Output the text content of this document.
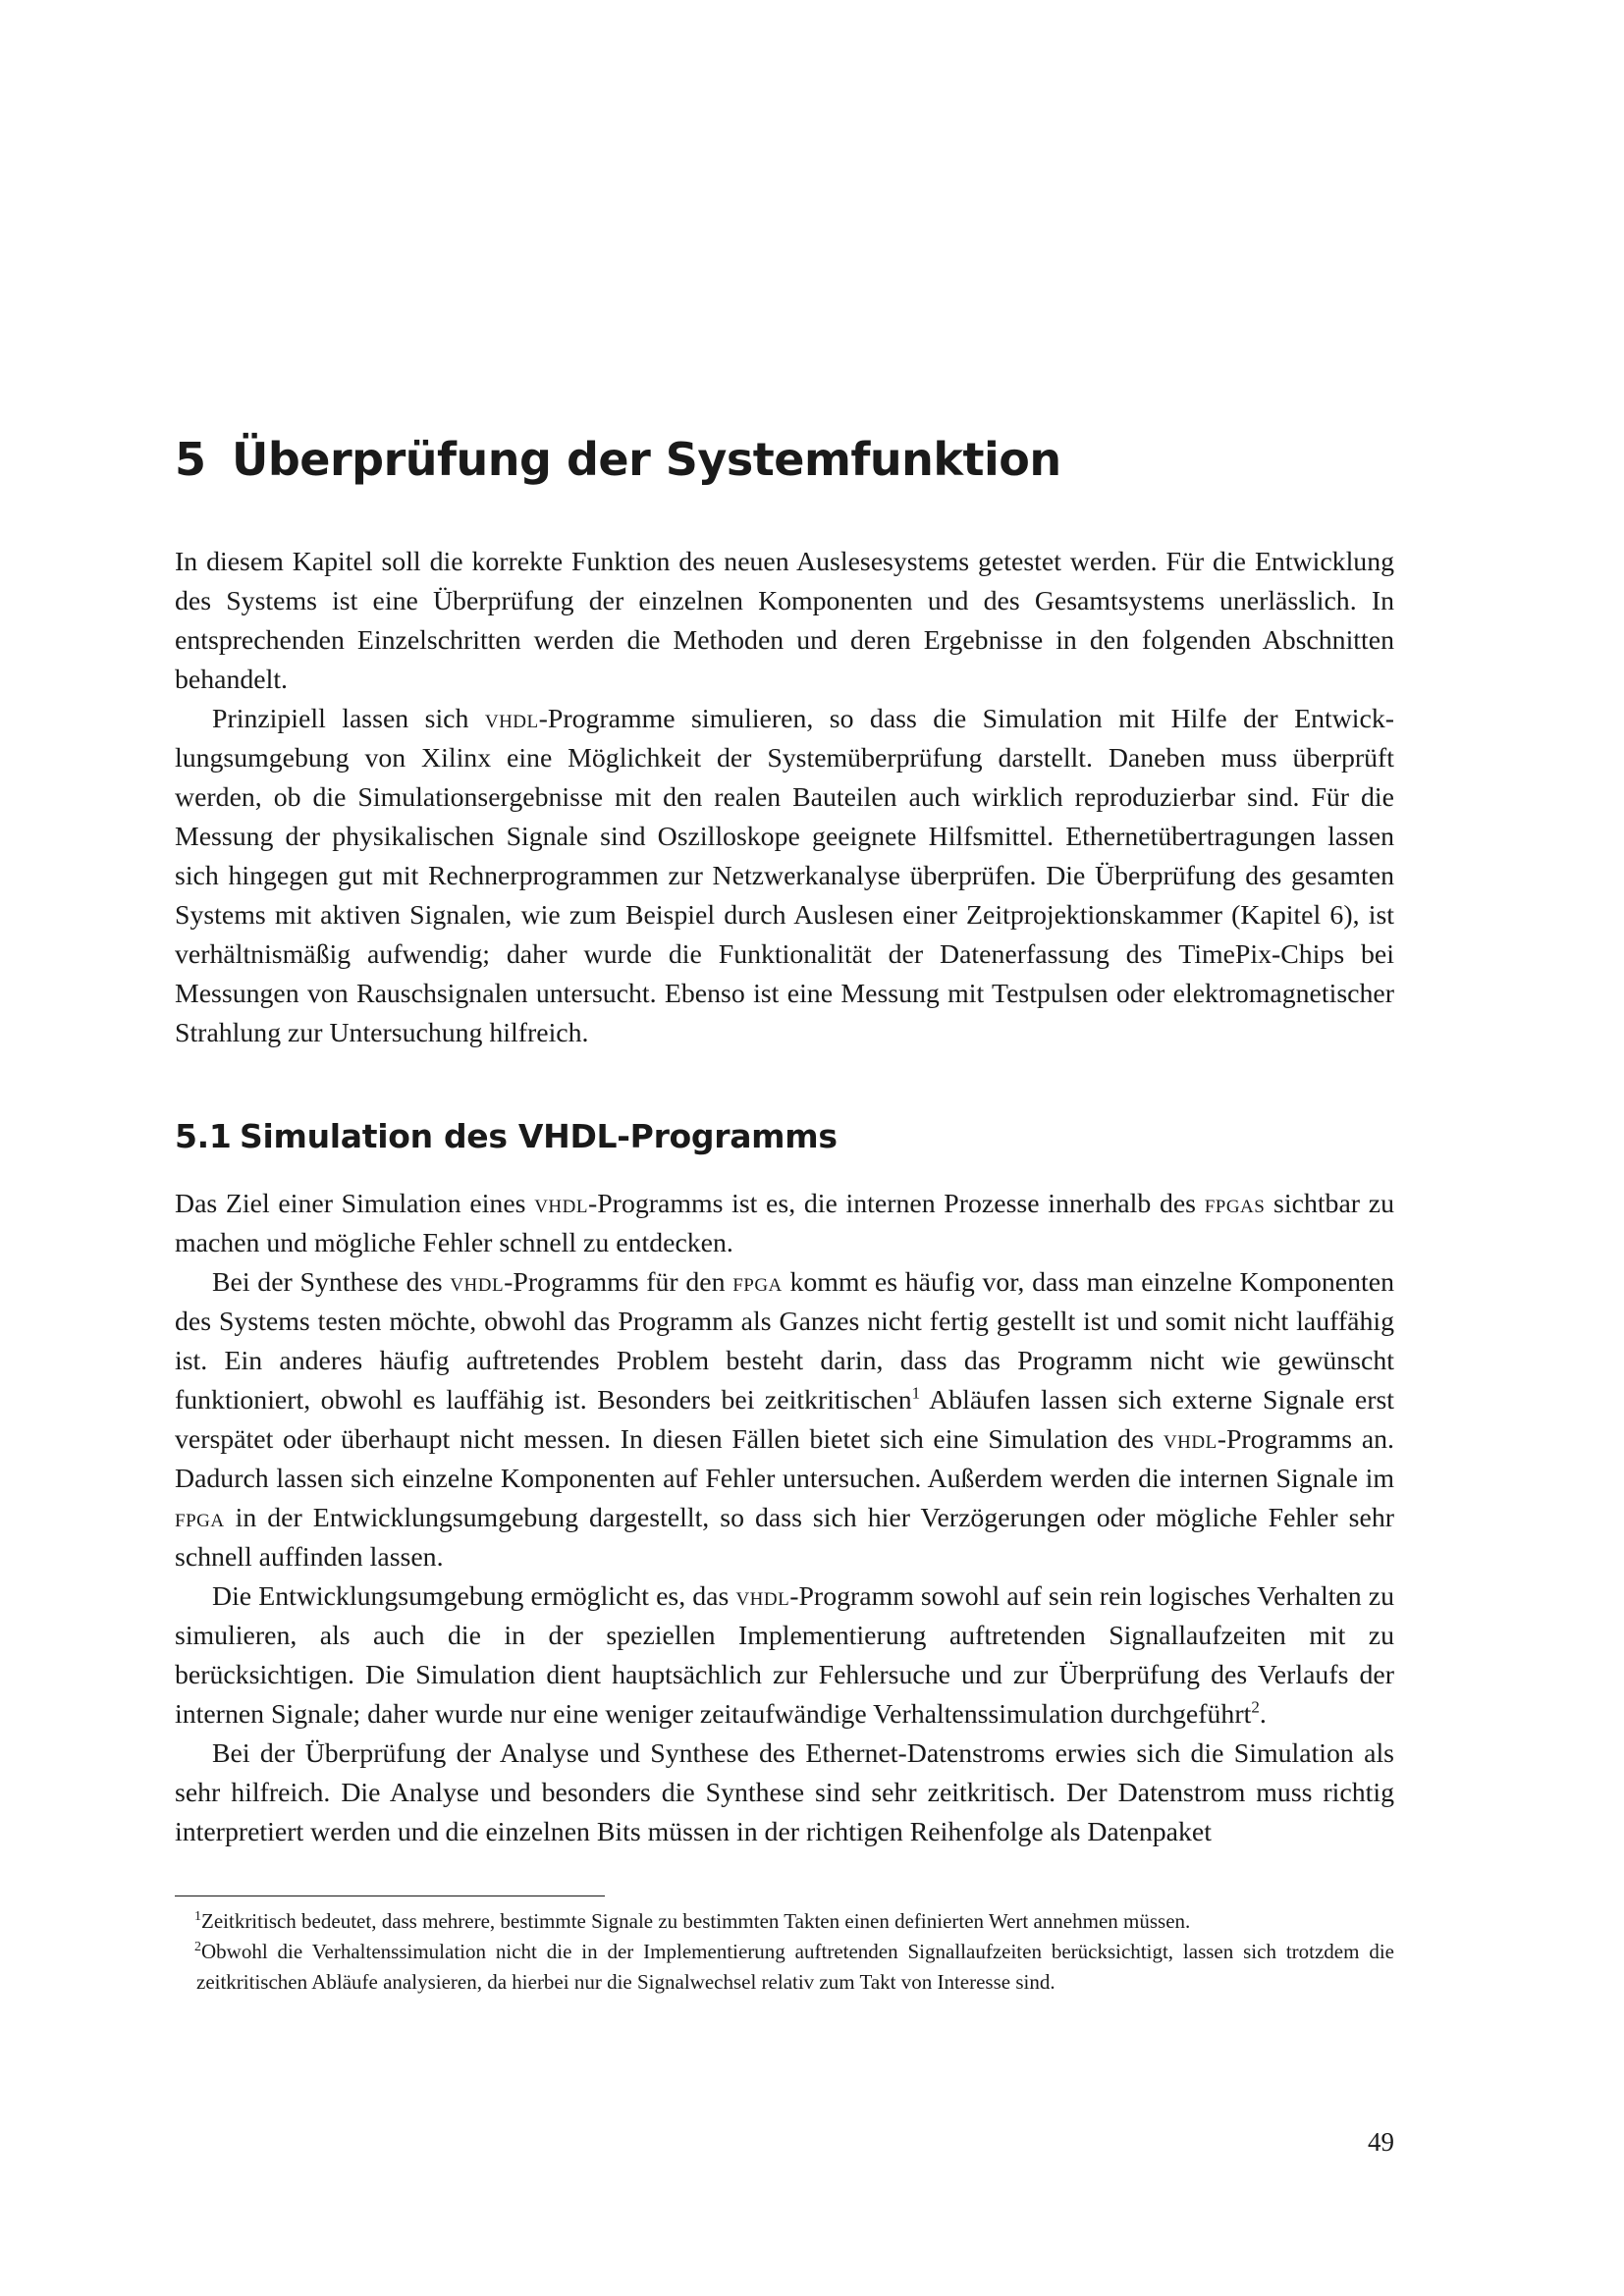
5 Überprüfung der Systemfunktion

In diesem Kapitel soll die korrekte Funktion des neuen Auslesesystems getestet werden. Für die Entwicklung des Systems ist eine Überprüfung der einzelnen Komponenten und des Gesamtsystems unerlässlich. In entsprechenden Einzelschritten werden die Methoden und deren Ergebnisse in den folgenden Abschnitten behandelt.

Prinzipiell lassen sich vhdl-Programme simulieren, so dass die Simulation mit Hilfe der Entwicklungsumgebung von Xilinx eine Möglichkeit der Systemüberprüfung darstellt. Daneben muss überprüft werden, ob die Simulationsergebnisse mit den realen Bauteilen auch wirklich reproduzierbar sind. Für die Messung der physikalischen Signale sind Oszilloskope geeignete Hilfsmittel. Ethernetübertragungen lassen sich hingegen gut mit Rechnerprogrammen zur Netzwerkanalyse überprüfen. Die Überprüfung des gesamten Systems mit aktiven Signalen, wie zum Beispiel durch Auslesen einer Zeitprojektionskammer (Kapitel 6), ist verhältnismäßig aufwendig; daher wurde die Funktionalität der Datenerfassung des TimePix-Chips bei Messungen von Rauschsignalen untersucht. Ebenso ist eine Messung mit Testpulsen oder elektromagnetischer Strahlung zur Untersuchung hilfreich.

5.1 Simulation des VHDL-Programms

Das Ziel einer Simulation eines vhdl-Programms ist es, die internen Prozesse innerhalb des fpgas sichtbar zu machen und mögliche Fehler schnell zu entdecken.

Bei der Synthese des vhdl-Programms für den fpga kommt es häufig vor, dass man einzelne Komponenten des Systems testen möchte, obwohl das Programm als Ganzes nicht fertig gestellt ist und somit nicht lauffähig ist. Ein anderes häufig auftretendes Problem besteht darin, dass das Programm nicht wie gewünscht funktioniert, obwohl es lauffähig ist. Besonders bei zeitkritischen$^1$ Abläufen lassen sich externe Signale erst verspätet oder überhaupt nicht messen. In diesen Fällen bietet sich eine Simulation des vhdl-Programms an. Dadurch lassen sich einzelne Komponenten auf Fehler untersuchen. Außerdem werden die internen Signale im fpga in der Entwicklungsumgebung dargestellt, so dass sich hier Verzögerungen oder mögliche Fehler sehr schnell auffinden lassen.

Die Entwicklungsumgebung ermöglicht es, das vhdl-Programm sowohl auf sein rein logisches Verhalten zu simulieren, als auch die in der speziellen Implementierung auftretenden Signallaufzeiten mit zu berücksichtigen. Die Simulation dient hauptsächlich zur Fehlersuche und zur Überprüfung des Verlaufs der internen Signale; daher wurde nur eine weniger zeitaufwändige Verhaltenssimulation durchgeführt$^2$.

Bei der Überprüfung der Analyse und Synthese des Ethernet-Datenstroms erwies sich die Simulation als sehr hilfreich. Die Analyse und besonders die Synthese sind sehr zeitkritisch. Der Datenstrom muss richtig interpretiert werden und die einzelnen Bits müssen in der richtigen Reihenfolge als Datenpaket

$^1$Zeitkritisch bedeutet, dass mehrere, bestimmte Signale zu bestimmten Takten einen definierten Wert annehmen müssen.

$^2$Obwohl die Verhaltenssimulation nicht die in der Implementierung auftretenden Signallaufzeiten berücksichtigt, lassen sich trotzdem die zeitkritischen Abläufe analysieren, da hierbei nur die Signalwechsel relativ zum Takt von Interesse sind.

49
